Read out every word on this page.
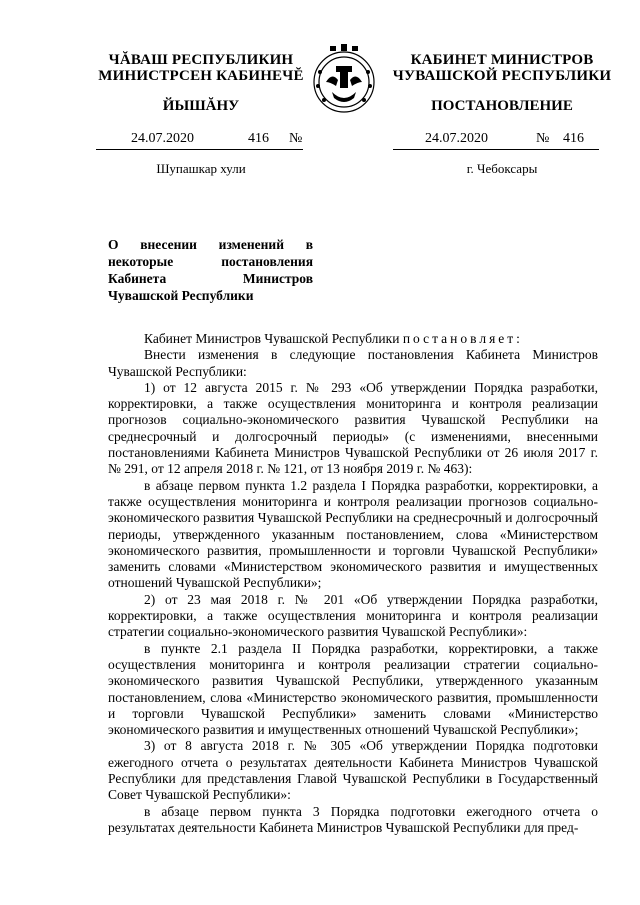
ЧĂВАШ РЕСПУБЛИКИН
МИНИСТРСЕН КАБИНЕЧĔ
КАБИНЕТ МИНИСТРОВ
ЧУВАШСКОЙ РЕСПУБЛИКИ
ЙЫШĂНУ	ПОСТАНОВЛЕНИЕ
24.07.2020	416 №	24.07.2020	№ 416
Шупашкар хули	г. Чебоксары
О внесении изменений в некоторые постановления Кабинета Министров Чувашской Республики

Кабинет Министров Чувашской Республики постановляет:

Внести изменения в следующие постановления Кабинета Министров Чувашской Республики:

1) от 12 августа 2015 г. № 293 «Об утверждении Порядка разработки, корректировки, а также осуществления мониторинга и контроля реализации прогнозов социально-экономического развития Чувашской Республики на среднесрочный и долгосрочный периоды» (с изменениями, внесенными постановлениями Кабинета Министров Чувашской Республики от 26 июля 2017 г. № 291, от 12 апреля 2018 г. № 121, от 13 ноября 2019 г. № 463):

в абзаце первом пункта 1.2 раздела I Порядка разработки, корректировки, а также осуществления мониторинга и контроля реализации прогнозов социально-экономического развития Чувашской Республики на среднесрочный и долгосрочный периоды, утвержденного указанным постановлением, слова «Министерством экономического развития, промышленности и торговли Чувашской Республики» заменить словами «Министерством экономического развития и имущественных отношений Чувашской Республики»;

2) от 23 мая 2018 г. № 201 «Об утверждении Порядка разработки, корректировки, а также осуществления мониторинга и контроля реализации стратегии социально-экономического развития Чувашской Республики»:

в пункте 2.1 раздела II Порядка разработки, корректировки, а также осуществления мониторинга и контроля реализации стратегии социально-экономического развития Чувашской Республики, утвержденного указанным постановлением, слова «Министерство экономического развития, промышленности и торговли Чувашской Республики» заменить словами «Министерство экономического развития и имущественных отношений Чувашской Республики»;

3) от 8 августа 2018 г. № 305 «Об утверждении Порядка подготовки ежегодного отчета о результатах деятельности Кабинета Министров Чувашской Республики для представления Главой Чувашской Республики в Государственный Совет Чувашской Республики»:

в абзаце первом пункта 3 Порядка подготовки ежегодного отчета о результатах деятельности Кабинета Министров Чувашской Республики для пред-
